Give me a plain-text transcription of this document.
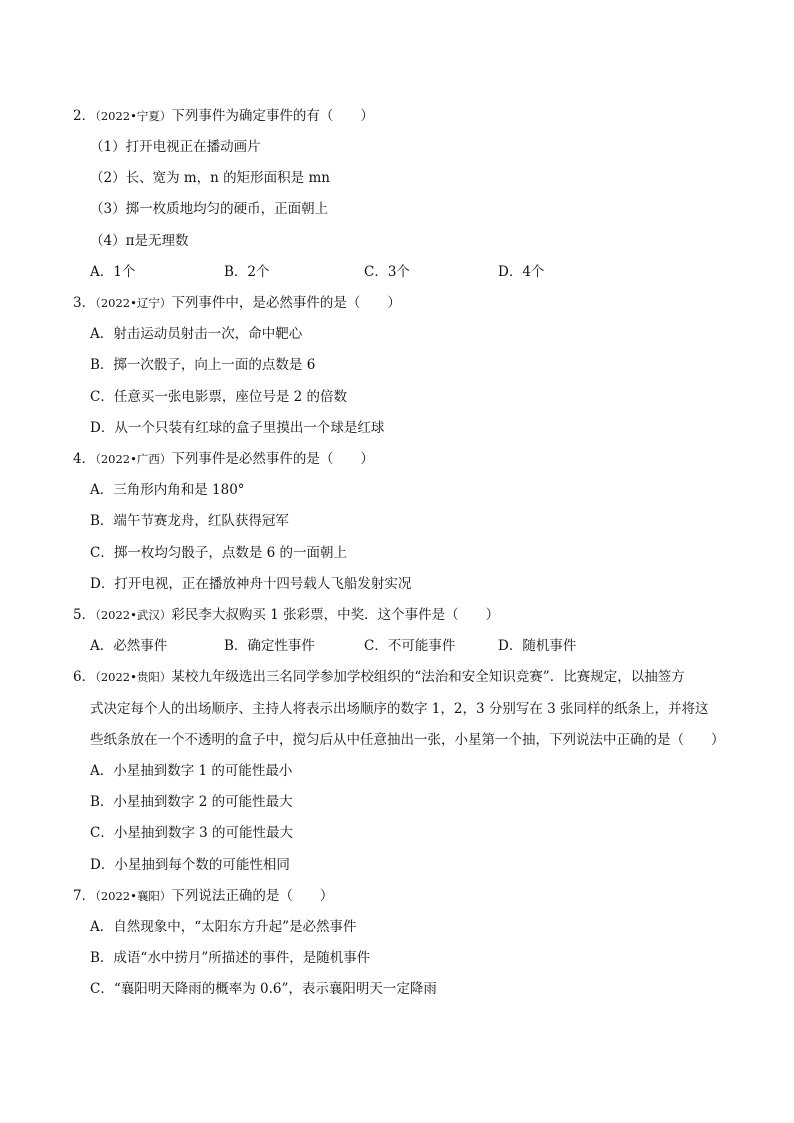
2．（2022•宁夏）下列事件为确定事件的有（　　）
（1）打开电视正在播动画片
（2）长、宽为 m，n 的矩形面积是 mn
（3）掷一枚质地均匀的硬币，正面朝上
（4）π是无理数
A．1个	B．2个	C．3个	D．4个
3．（2022•辽宁）下列事件中，是必然事件的是（　　）
A．射击运动员射击一次，命中靶心
B．掷一次骰子，向上一面的点数是 6
C．任意买一张电影票，座位号是 2 的倍数
D．从一个只装有红球的盒子里摸出一个球是红球
4．（2022•广西）下列事件是必然事件的是（　　）
A．三角形内角和是 180°
B．端午节赛龙舟，红队获得冠军
C．掷一枚均匀骰子，点数是 6 的一面朝上
D．打开电视，正在播放神舟十四号载人飞船发射实况
5．（2022•武汉）彩民李大叔购买 1 张彩票，中奖．这个事件是（　　）
A．必然事件	B．确定性事件	C．不可能事件	D．随机事件
6．（2022•贵阳）某校九年级选出三名同学参加学校组织的“法治和安全知识竞赛”．比赛规定，以抽签方
式决定每个人的出场顺序、主持人将表示出场顺序的数字 1，2，3 分别写在 3 张同样的纸条上，并将这
些纸条放在一个不透明的盒子中，搅匀后从中任意抽出一张，小星第一个抽，下列说法中正确的是（　　）
A．小星抽到数字 1 的可能性最小
B．小星抽到数字 2 的可能性最大
C．小星抽到数字 3 的可能性最大
D．小星抽到每个数的可能性相同
7．（2022•襄阳）下列说法正确的是（　　）
A．自然现象中，“太阳东方升起”是必然事件
B．成语“水中捞月”所描述的事件，是随机事件
C．“襄阳明天降雨的概率为 0.6”，表示襄阳明天一定降雨
